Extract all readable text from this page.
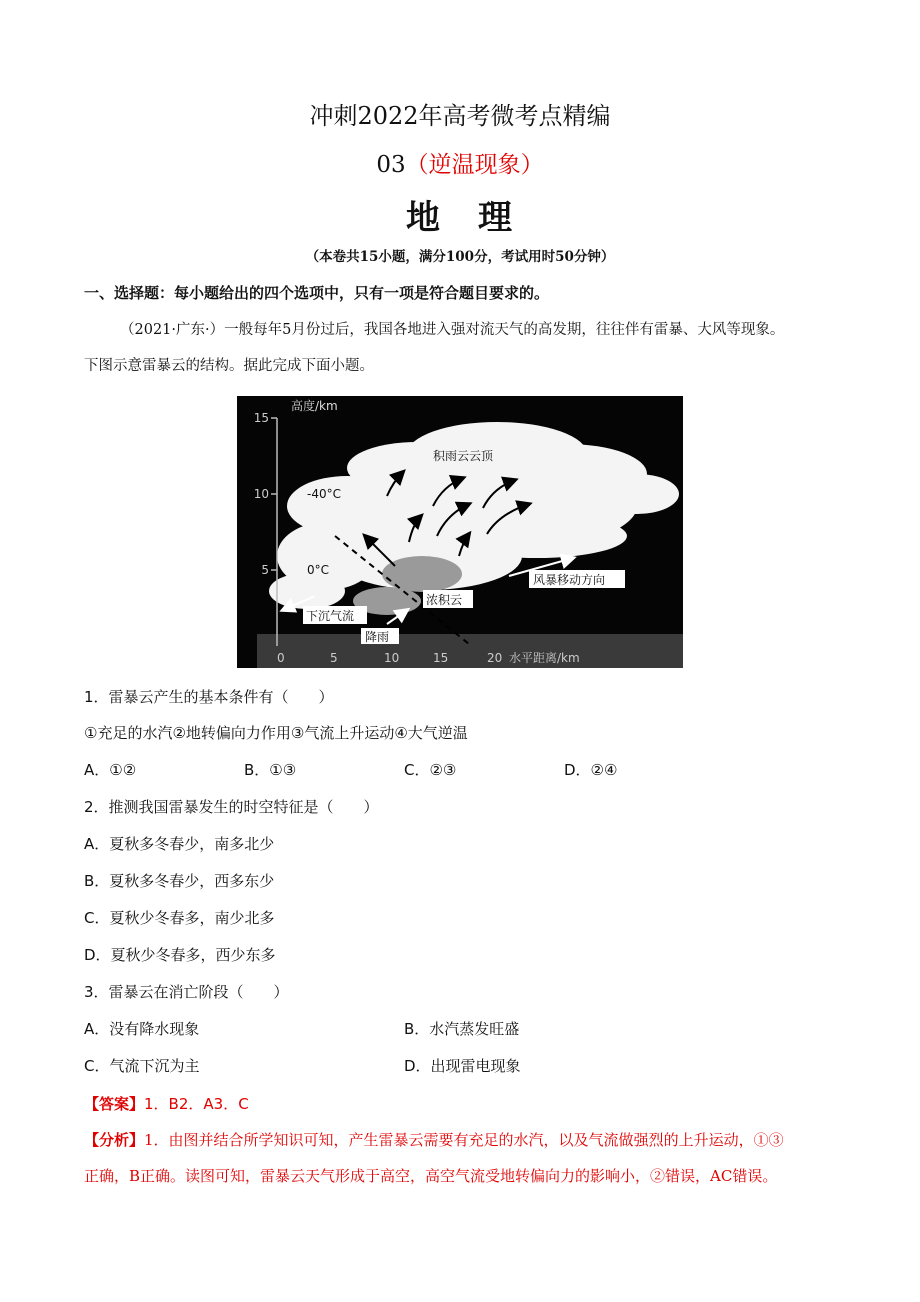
冲刺2022年高考微考点精编
03（逆温现象）
地　理
（本卷共15小题，满分100分，考试用时50分钟）
一、选择题：每小题给出的四个选项中，只有一项是符合题目要求的。
（2021·广东·）一般每年5月份过后，我国各地进入强对流天气的高发期，往往伴有雷暴、大风等现象。
下图示意雷暴云的结构。据此完成下面小题。
15
10
5
高度/km
0	5	10	15	20 水平距离/km
积雨云云顶
-40°C
0°C
风暴移动方向
浓积云
下沉气流
降雨
1．雷暴云产生的基本条件有（　　）
①充足的水汽②地转偏向力作用③气流上升运动④大气逆温
A．①②	B．①③	C．②③	D．②④
2．推测我国雷暴发生的时空特征是（　　）
A．夏秋多冬春少，南多北少
B．夏秋多冬春少，西多东少
C．夏秋少冬春多，南少北多
D．夏秋少冬春多，西少东多
3．雷暴云在消亡阶段（　　）
A．没有降水现象	B．水汽蒸发旺盛
C．气流下沉为主	D．出现雷电现象
【答案】1．B2．A3．C
【分析】1．由图并结合所学知识可知，产生雷暴云需要有充足的水汽，以及气流做强烈的上升运动，①③
正确，B正确。读图可知，雷暴云天气形成于高空，高空气流受地转偏向力的影响小，②错误，AC错误。
